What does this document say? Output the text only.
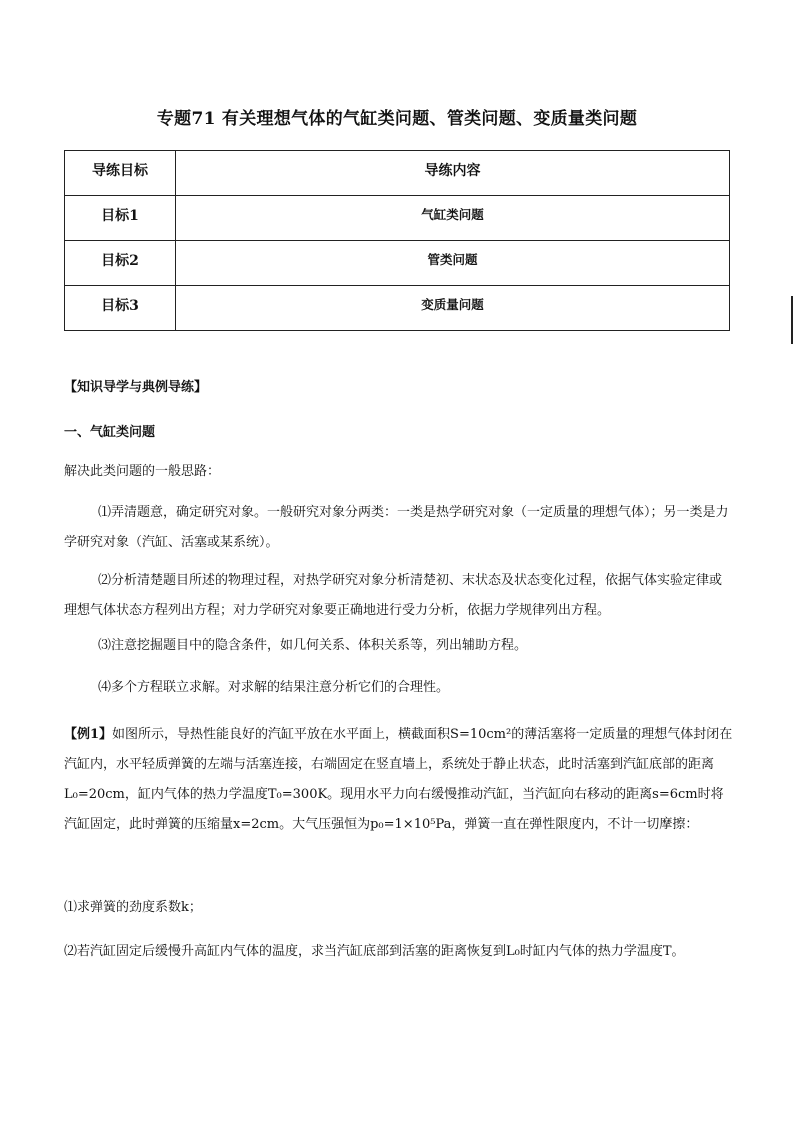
专题71 有关理想气体的气缸类问题、管类问题、变质量类问题
导练目标	导练内容
目标1	气缸类问题
目标2	管类问题
目标3	变质量问题
【知识导学与典例导练】
一、气缸类问题
解决此类问题的一般思路：
⑴弄清题意，确定研究对象。一般研究对象分两类：一类是热学研究对象（一定质量的理想气体）；另一类是力学研究对象（汽缸、活塞或某系统）。
⑵分析清楚题目所述的物理过程，对热学研究对象分析清楚初、末状态及状态变化过程，依据气体实验定律或理想气体状态方程列出方程；对力学研究对象要正确地进行受力分析，依据力学规律列出方程。
⑶注意挖掘题目中的隐含条件，如几何关系、体积关系等，列出辅助方程。
⑷多个方程联立求解。对求解的结果注意分析它们的合理性。
【例1】如图所示，导热性能良好的汽缸平放在水平面上，横截面积S=10cm²的薄活塞将一定质量的理想气体封闭在汽缸内，水平轻质弹簧的左端与活塞连接，右端固定在竖直墙上，系统处于静止状态，此时活塞到汽缸底部的距离L₀=20cm，缸内气体的热力学温度T₀=300K。现用水平力向右缓慢推动汽缸，当汽缸向右移动的距离s=6cm时将汽缸固定，此时弹簧的压缩量x=2cm。大气压强恒为p₀=1×10⁵Pa，弹簧一直在弹性限度内，不计一切摩擦：
⑴求弹簧的劲度系数k；
⑵若汽缸固定后缓慢升高缸内气体的温度，求当汽缸底部到活塞的距离恢复到L₀时缸内气体的热力学温度T。
